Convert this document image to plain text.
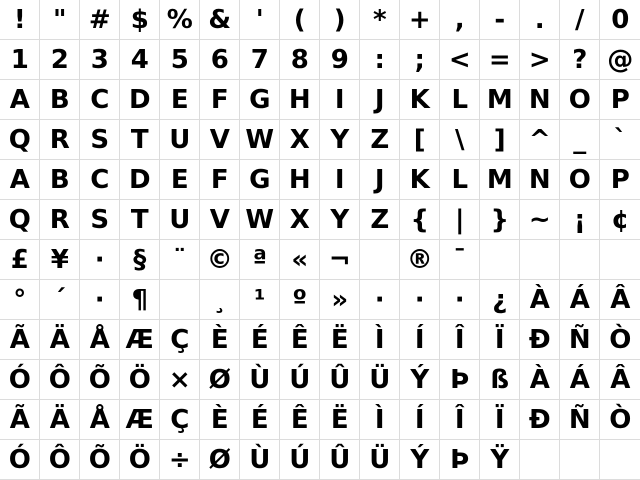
! " # $ % & ' ( ) * + , - . / 0
1 2 3 4 5 6 7 8 9 : ; < = > ? @
A B C D E F G H I J K L M N O P
Q R S T U V W X Y Z [ \ ] ^ _ `
A B C D E F G H I J K L M N O P
Q R S T U V W X Y Z { | } ~ ¡ ¢
£ ¥ · § ¨ © ª « ¬ ® ¯
° ´ · ¶	¸ ¹ º » · · · ¿ À Á Â
Ã Ä Å Æ Ç È É Ê Ë Ì Í Î Ï Ð Ñ Ò
Ó Ô Õ Ö × Ø Ù Ú Û Ü Ý Þ ß À Á Â
Ã Ä Å Æ Ç È É Ê Ë Ì Í Î Ï Ð Ñ Ò
Ó Ô Õ Ö ÷ Ø Ù Ú Û Ü Ý Þ Ÿ
